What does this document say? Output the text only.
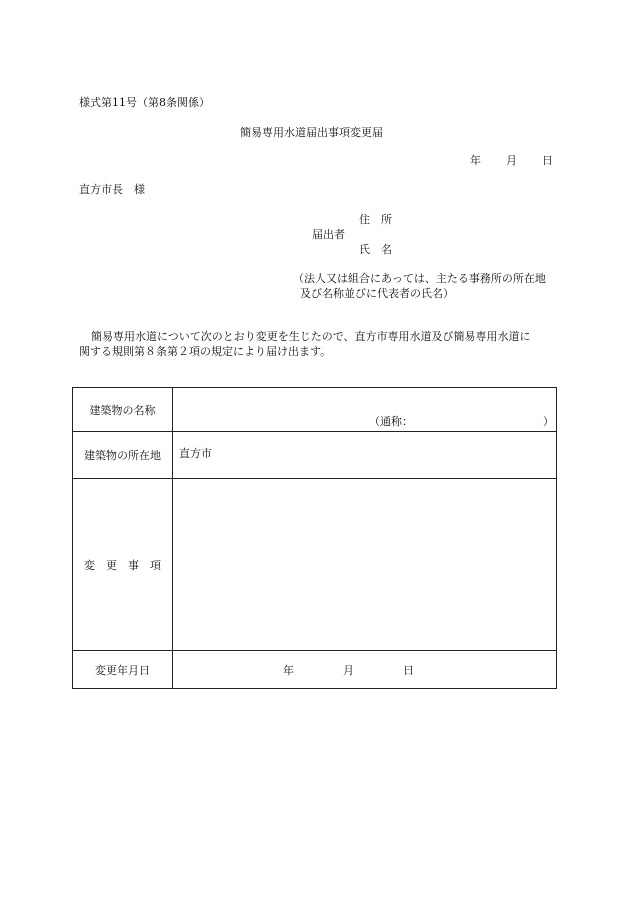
様式第11号（第8条関係）
簡易専用水道届出事項変更届
年 月 日
直方市長　様
住　所
届出者
氏　名
（法人又は組合にあっては、主たる事務所の所在地
及び名称並びに代表者の氏名）
簡易専用水道について次のとおり変更を生じたので、直方市専用水道及び簡易専用水道に
関する規則第８条第２項の規定により届け出ます。
建築物の名称	（通称： ）

建築物の所在地	直方市

変　更　事　項	
変更年月日	年 月 日
